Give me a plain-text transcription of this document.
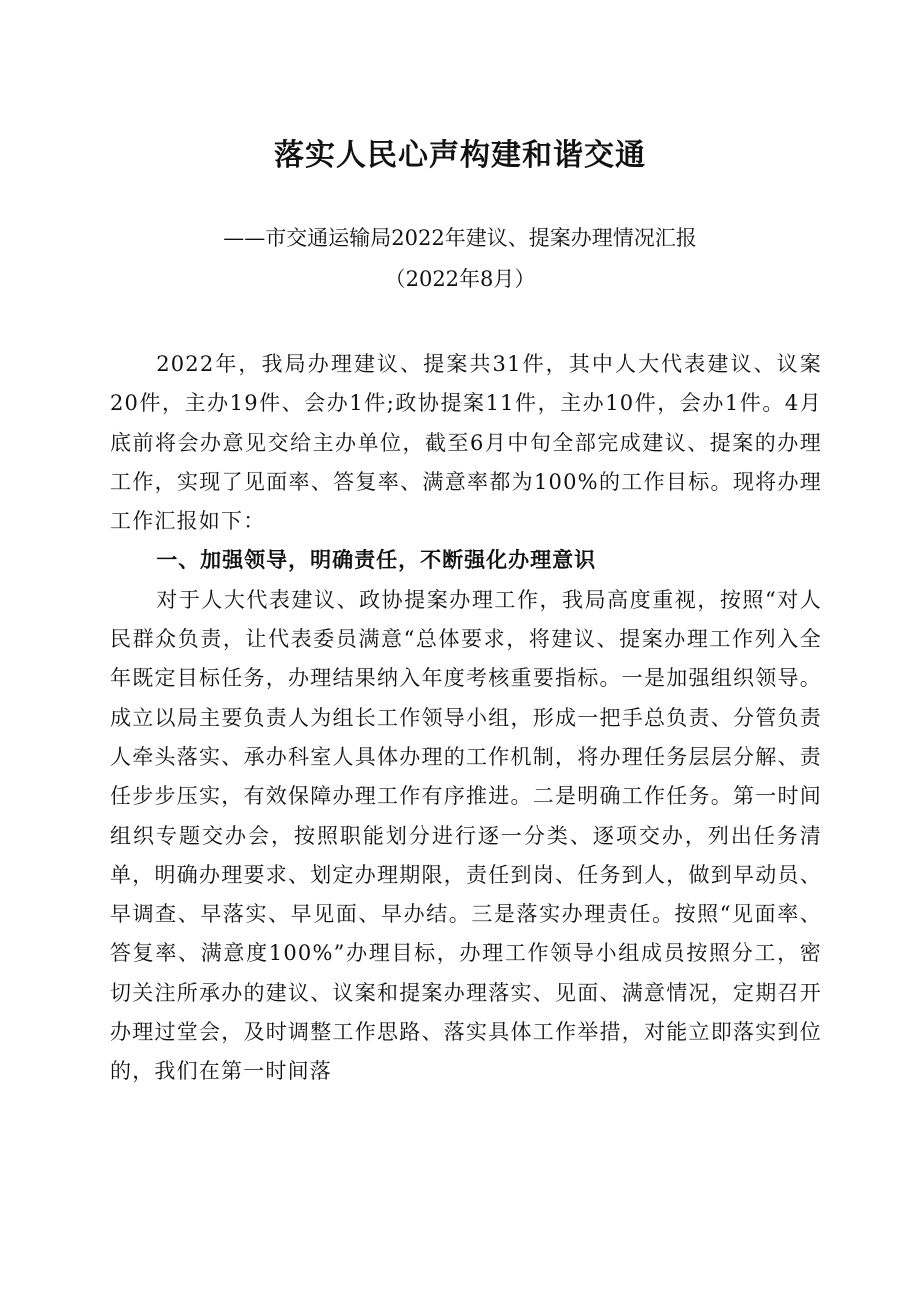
落实人民心声构建和谐交通
——市交通运输局2022年建议、提案办理情况汇报
（2022年8月）

2022年，我局办理建议、提案共31件，其中人大代表建议、议案20件，主办19件、会办1件;政协提案11件，主办10件，会办1件。4月底前将会办意见交给主办单位，截至6月中旬全部完成建议、提案的办理工作，实现了见面率、答复率、满意率都为100%的工作目标。现将办理工作汇报如下：

一、加强领导，明确责任，不断强化办理意识

对于人大代表建议、政协提案办理工作，我局高度重视，按照“对人民群众负责，让代表委员满意“总体要求，将建议、提案办理工作列入全年既定目标任务，办理结果纳入年度考核重要指标。一是加强组织领导。成立以局主要负责人为组长工作领导小组，形成一把手总负责、分管负责人牵头落实、承办科室人具体办理的工作机制，将办理任务层层分解、责任步步压实，有效保障办理工作有序推进。二是明确工作任务。第一时间组织专题交办会，按照职能划分进行逐一分类、逐项交办，列出任务清单，明确办理要求、划定办理期限，责任到岗、任务到人，做到早动员、早调查、早落实、早见面、早办结。三是落实办理责任。按照“见面率、答复率、满意度100%”办理目标，办理工作领导小组成员按照分工，密切关注所承办的建议、议案和提案办理落实、见面、满意情况，定期召开办理过堂会，及时调整工作思路、落实具体工作举措，对能立即落实到位的，我们在第一时间落
